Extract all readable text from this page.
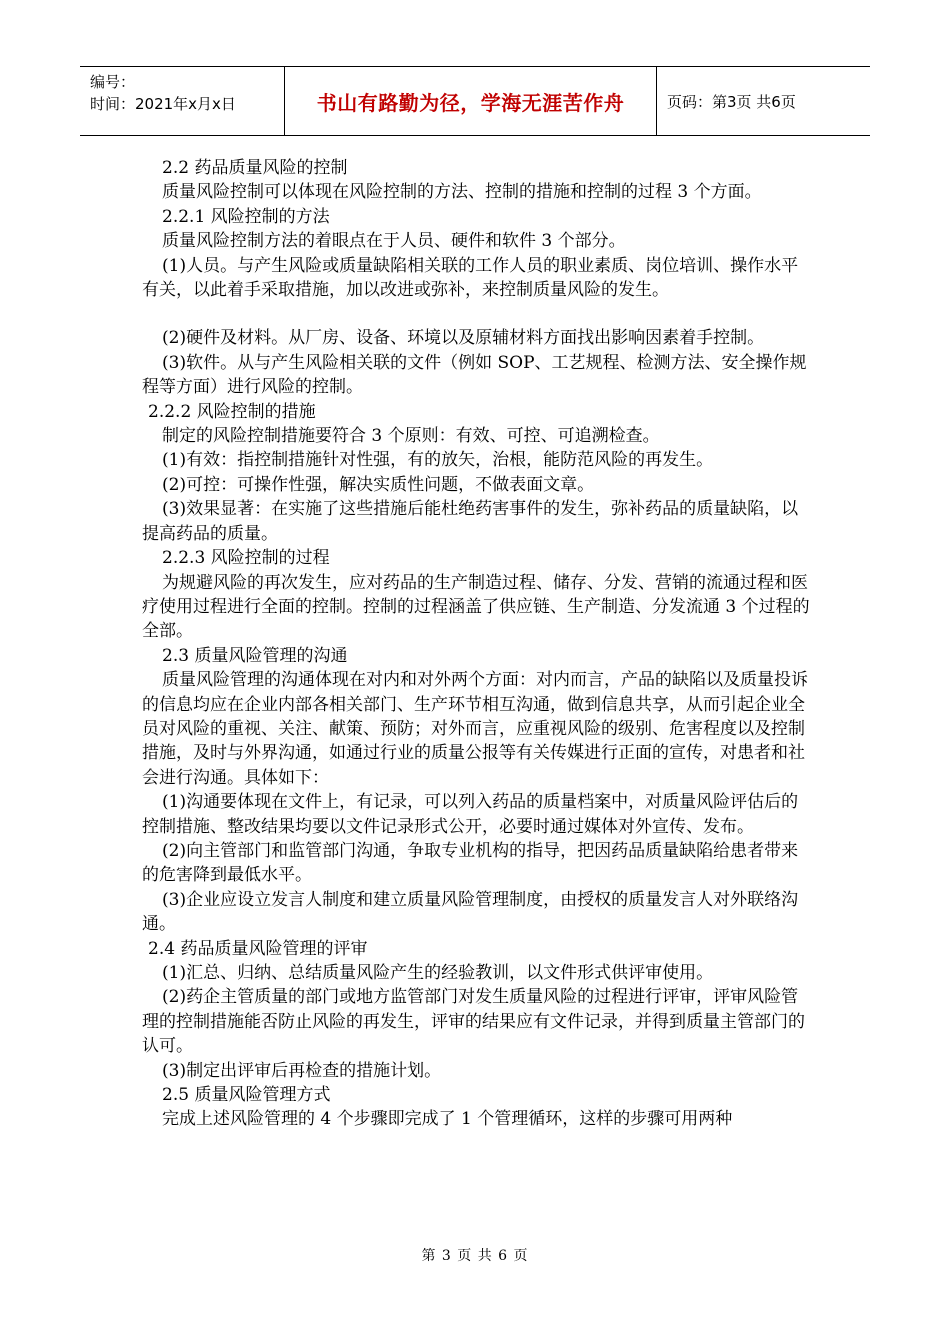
编号：
时间：2021年x月x日	书山有路勤为径，学海无涯苦作舟	页码：第3页 共6页

2.2 药品质量风险的控制

质量风险控制可以体现在风险控制的方法、控制的措施和控制的过程 3 个方面。

2.2.1 风险控制的方法

质量风险控制方法的着眼点在于人员、硬件和软件 3 个部分。

(1)人员。与产生风险或质量缺陷相关联的工作人员的职业素质、岗位培训、操作水平有关，以此着手采取措施，加以改进或弥补，来控制质量风险的发生。

(2)硬件及材料。从厂房、设备、环境以及原辅材料方面找出影响因素着手控制。

(3)软件。从与产生风险相关联的文件（例如 SOP、工艺规程、检测方法、安全操作规程等方面）进行风险的控制。

2.2.2 风险控制的措施

制定的风险控制措施要符合 3 个原则：有效、可控、可追溯检查。

(1)有效：指控制措施针对性强，有的放矢，治根，能防范风险的再发生。

(2)可控：可操作性强，解决实质性问题，不做表面文章。

(3)效果显著：在实施了这些措施后能杜绝药害事件的发生，弥补药品的质量缺陷，以提高药品的质量。

2.2.3 风险控制的过程

为规避风险的再次发生，应对药品的生产制造过程、储存、分发、营销的流通过程和医疗使用过程进行全面的控制。控制的过程涵盖了供应链、生产制造、分发流通 3 个过程的全部。

2.3 质量风险管理的沟通

质量风险管理的沟通体现在对内和对外两个方面：对内而言，产品的缺陷以及质量投诉的信息均应在企业内部各相关部门、生产环节相互沟通，做到信息共享，从而引起企业全员对风险的重视、关注、献策、预防；对外而言，应重视风险的级别、危害程度以及控制措施，及时与外界沟通，如通过行业的质量公报等有关传媒进行正面的宣传，对患者和社会进行沟通。具体如下：

(1)沟通要体现在文件上，有记录，可以列入药品的质量档案中，对质量风险评估后的控制措施、整改结果均要以文件记录形式公开，必要时通过媒体对外宣传、发布。

(2)向主管部门和监管部门沟通，争取专业机构的指导，把因药品质量缺陷给患者带来的危害降到最低水平。

(3)企业应设立发言人制度和建立质量风险管理制度，由授权的质量发言人对外联络沟通。

2.4 药品质量风险管理的评审

(1)汇总、归纳、总结质量风险产生的经验教训，以文件形式供评审使用。

(2)药企主管质量的部门或地方监管部门对发生质量风险的过程进行评审，评审风险管理的控制措施能否防止风险的再发生，评审的结果应有文件记录，并得到质量主管部门的认可。

(3)制定出评审后再检查的措施计划。

2.5 质量风险管理方式

完成上述风险管理的 4 个步骤即完成了 1 个管理循环，这样的步骤可用两种

第 3 页 共 6 页
